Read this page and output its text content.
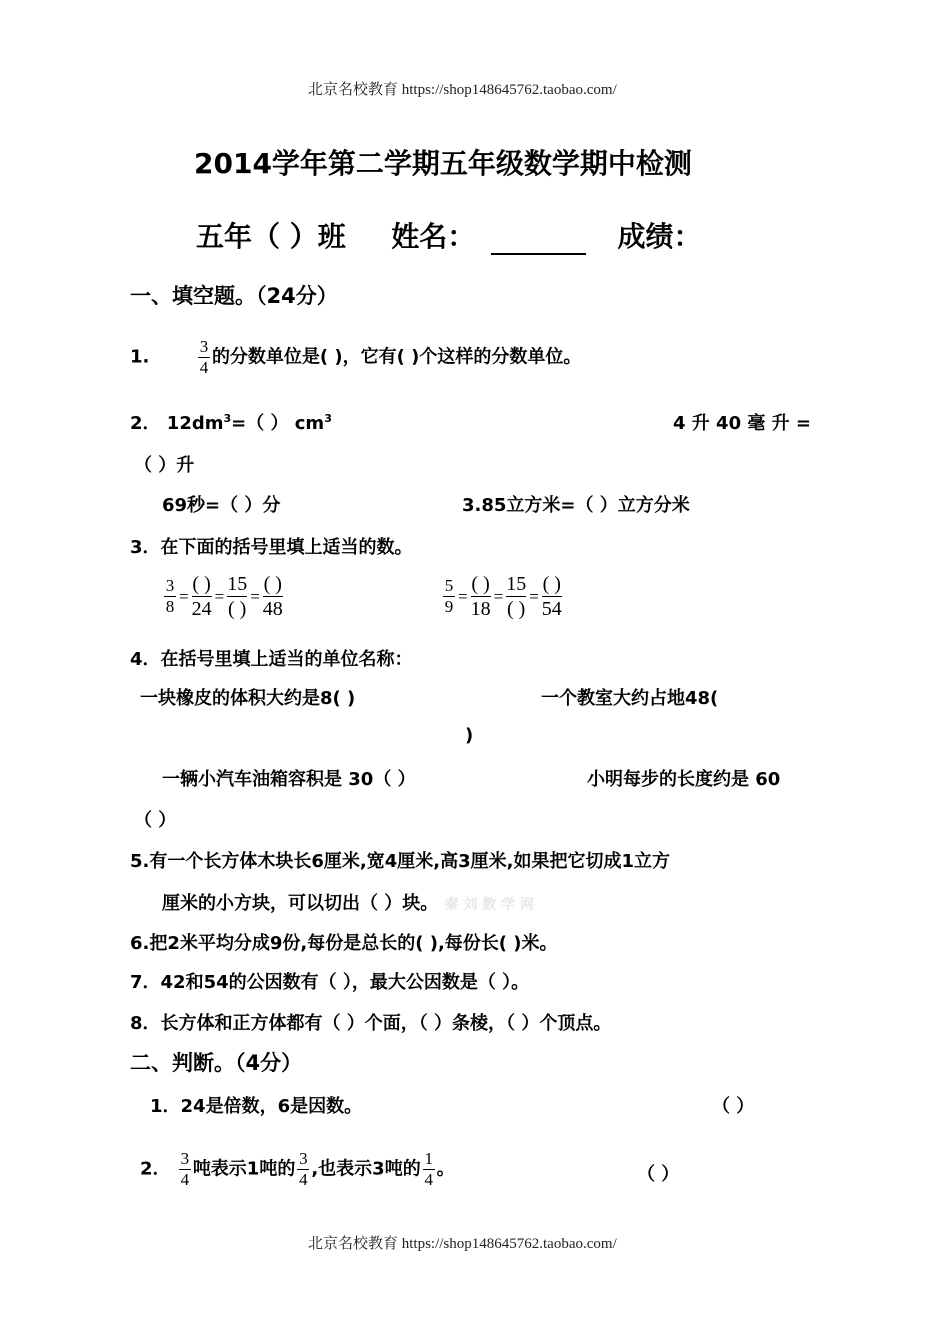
北京名校教育 https://shop148645762.taobao.com/
2014学年第二学期五年级数学期中检测
五年（ ）班 姓名：	成绩：
一、填空题。（24分）
1.	$\frac{3}{4}$ 的分数单位是( )，它有( )个这样的分数单位。
2． $12dm^3=$（ ） $cm^3$	4 升 40 毫 升 =
（ ）升
69秒=（ ）分	3.85立方米=（ ）立方分米
3．在下面的括号里填上适当的数。
$\frac{3}{8}$ =
( )
24
=
15
( )
=
( )
48	$\frac{5}{9}$ =
( )
18
=
15
( )
=
( )
54
4．在括号里填上适当的单位名称：
一块橡皮的体积大约是8( )	一个教室大约占地48(
)
一辆小汽车油箱容积是 30（ ）	小明每步的长度约是 60
（ ）
5.有一个长方体木块长6厘米,宽4厘米,高3厘米,如果把它切成1立方
厘米的小方块，可以切出（ ）块。 秦 刘 数 学 网
6.把2米平均分成9份,每份是总长的( ),每份长( )米。
7．42和54的公因数有（ ），最大公因数是（ ）。
8．长方体和正方体都有（ ）个面，（ ）条棱，（ ）个顶点。
二、判断。（4分）
1．24是倍数，6是因数。	（ ）
2． $\frac{3}{4}$ 吨表示1吨的 $\frac{3}{4}$ ,也表示3吨的 $\frac{1}{4}$ 。	（ ）
北京名校教育 https://shop148645762.taobao.com/
